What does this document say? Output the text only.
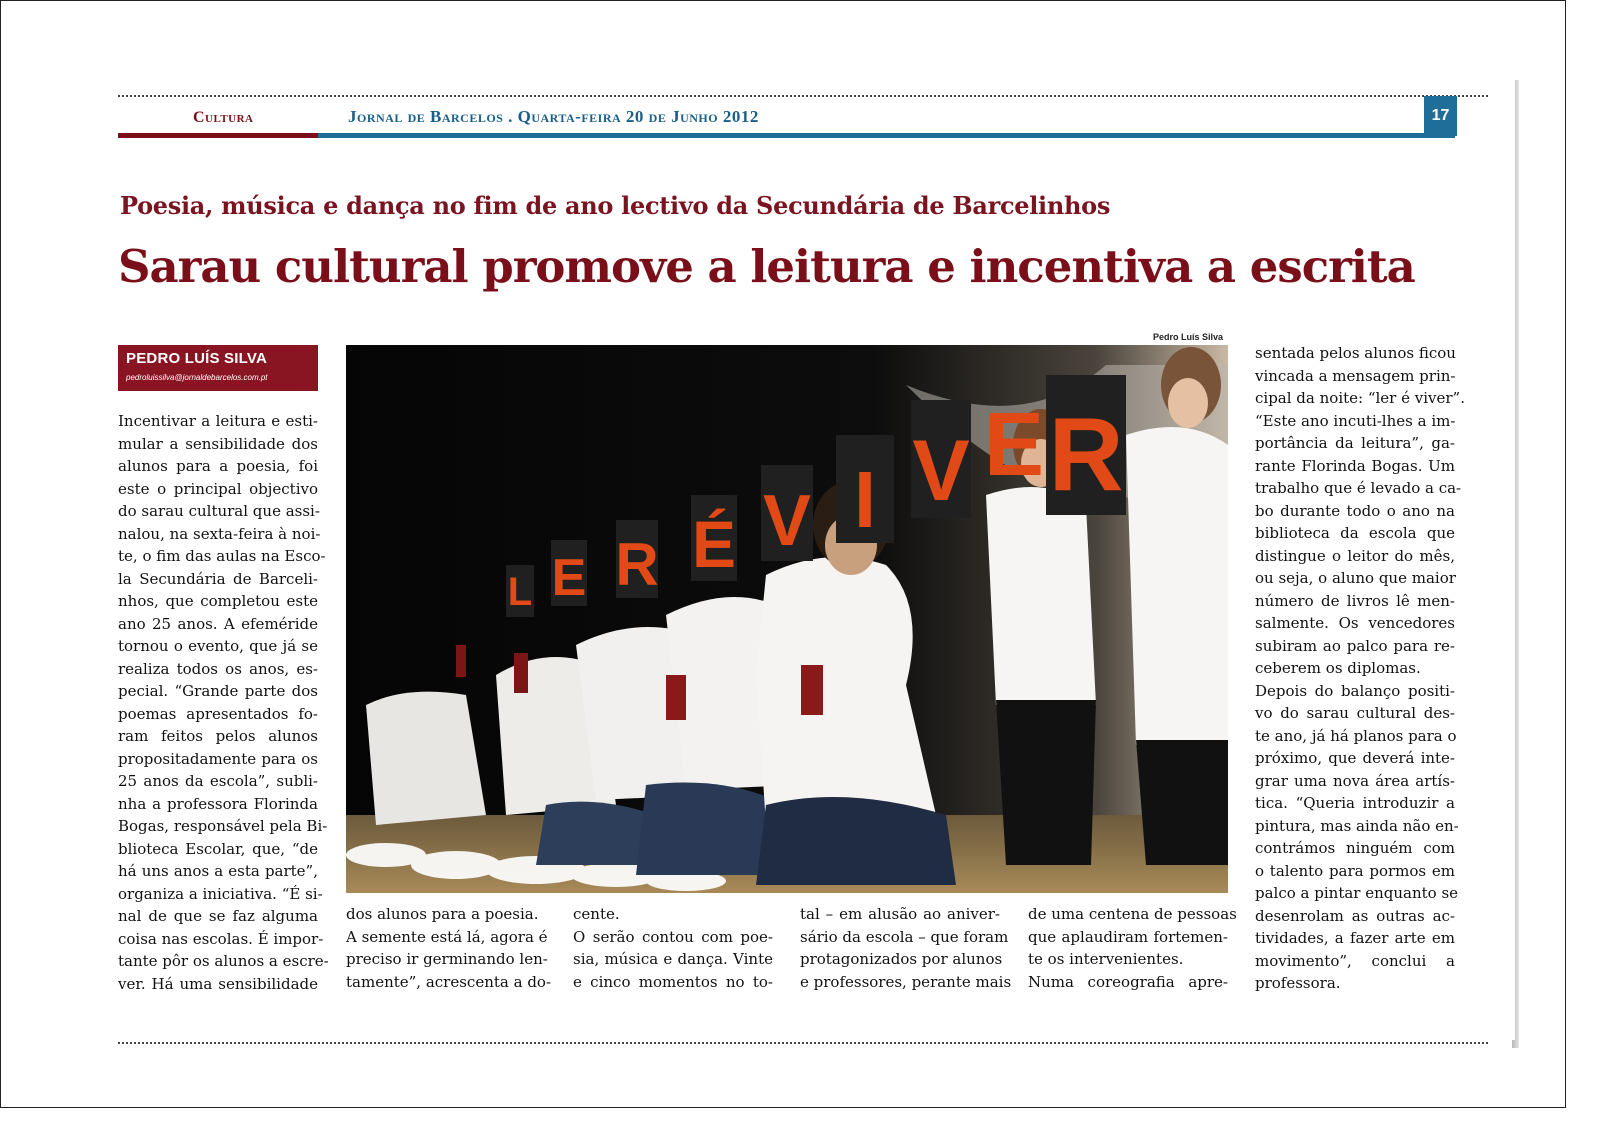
Cultura	Jornal de Barcelos . Quarta-feira 20 de Junho 2012	17
Poesia, música e dança no fim de ano lectivo da Secundária de Barcelinhos
Sarau cultural promove a leitura e incentiva a escrita
PEDRO LUÍS SILVA
pedroluissilva@jornaldebarcelos.com.pt
Pedro Luís Silva
L E R É V I V E R
Incentivar a leitura e esti-
mular a sensibilidade dos
alunos para a poesia, foi
este o principal objectivo
do sarau cultural que assi-
nalou, na sexta-feira à noi-
te, o fim das aulas na Esco-
la Secundária de Barceli-
nhos, que completou este
ano 25 anos. A efeméride
tornou o evento, que já se
realiza todos os anos, es-
pecial. “Grande parte dos
poemas apresentados fo-
ram feitos pelos alunos
propositadamente para os
25 anos da escola”, subli-
nha a professora Florinda
Bogas, responsável pela Bi-
blioteca Escolar, que, “de
há uns anos a esta parte”,
organiza a iniciativa. “É si-
nal de que se faz alguma
coisa nas escolas. É impor-
tante pôr os alunos a escre-
ver. Há uma sensibilidade
dos alunos para a poesia.
A semente está lá, agora é
preciso ir germinando len-
tamente”, acrescenta a do-
cente.
O serão contou com poe-
sia, música e dança. Vinte
e cinco momentos no to-
tal – em alusão ao aniver-
sário da escola – que foram
protagonizados por alunos
e professores, perante mais
de uma centena de pessoas
que aplaudiram fortemen-
te os intervenientes.
Numa coreografia apre-
sentada pelos alunos ficou
vincada a mensagem prin-
cipal da noite: “ler é viver”.
“Este ano incuti-lhes a im-
portância da leitura”, ga-
rante Florinda Bogas. Um
trabalho que é levado a ca-
bo durante todo o ano na
biblioteca da escola que
distingue o leitor do mês,
ou seja, o aluno que maior
número de livros lê men-
salmente. Os vencedores
subiram ao palco para re-
ceberem os diplomas.
Depois do balanço positi-
vo do sarau cultural des-
te ano, já há planos para o
próximo, que deverá inte-
grar uma nova área artís-
tica. “Queria introduzir a
pintura, mas ainda não en-
contrámos ninguém com
o talento para pormos em
palco a pintar enquanto se
desenrolam as outras ac-
tividades, a fazer arte em
movimento”, conclui a
professora.
